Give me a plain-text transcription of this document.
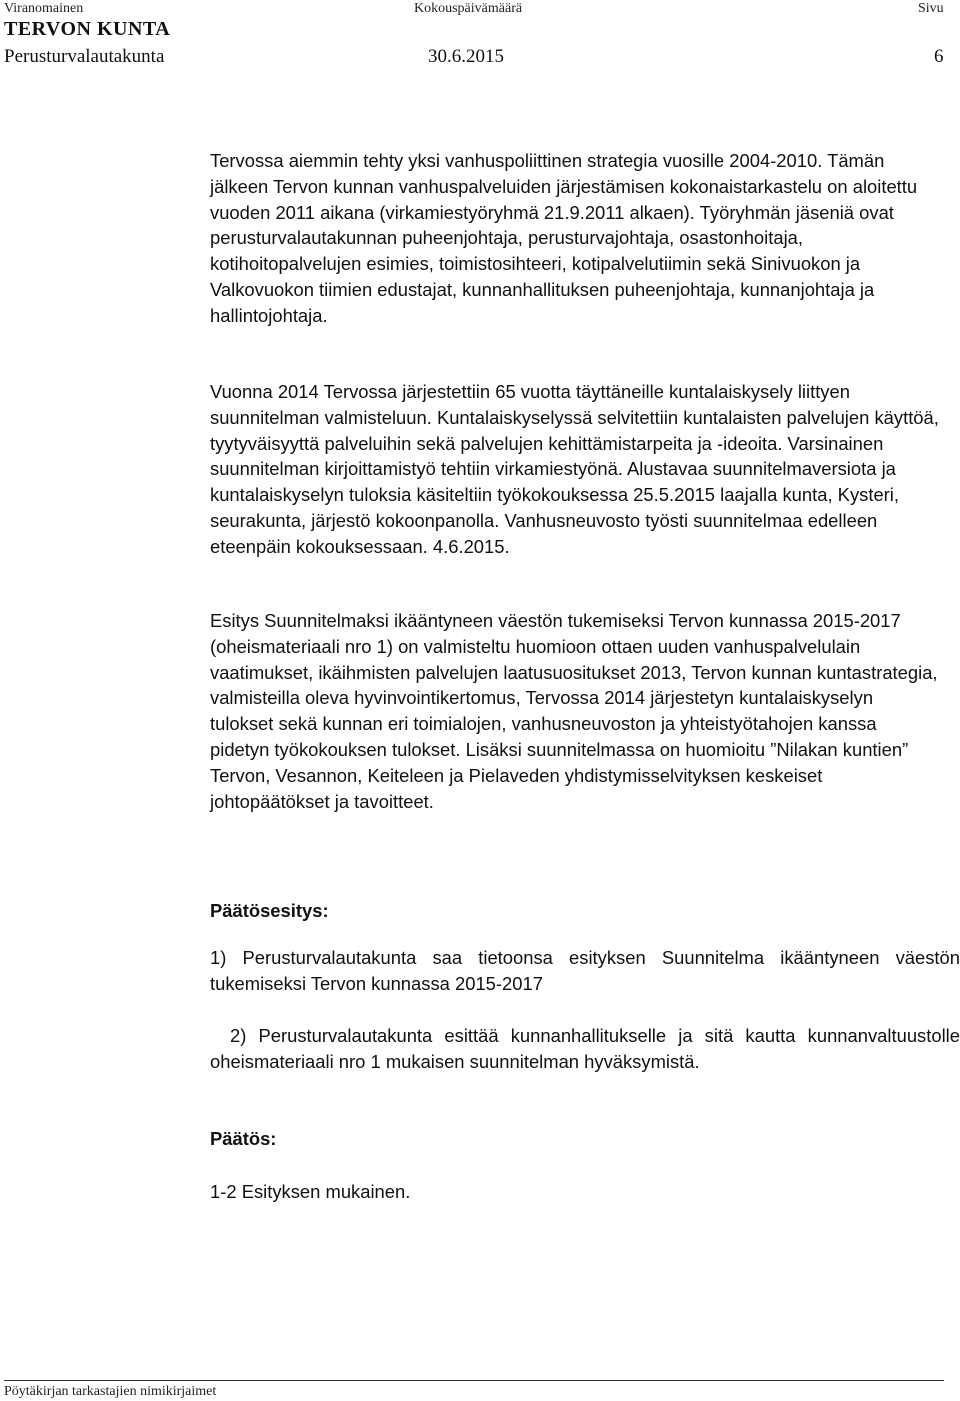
Viranomainen	Kokouspäivämäärä	Sivu
TERVON KUNTA
Perusturvalautakunta	30.6.2015	6

Tervossa aiemmin tehty yksi vanhuspoliittinen strategia vuosille 2004-2010. Tämän jälkeen Tervon kunnan vanhuspalveluiden järjestämisen kokonaistarkastelu on aloitettu vuoden 2011 aikana (virkamiestyöryhmä 21.9.2011 alkaen). Työryhmän jäseniä ovat perusturvalautakunnan puheenjohtaja, perusturvajohtaja, osastonhoitaja, kotihoitopalvelujen esimies, toimistosihteeri, kotipalvelutiimin sekä Sinivuokon ja Valkovuokon tiimien edustajat, kunnanhallituksen puheenjohtaja, kunnanjohtaja ja hallintojohtaja.

Vuonna 2014 Tervossa järjestettiin 65 vuotta täyttäneille kuntalaiskysely liittyen suunnitelman valmisteluun. Kuntalaiskyselyssä selvitettiin kuntalaisten palvelujen käyttöä, tyytyväisyyttä palveluihin sekä palvelujen kehittämistarpeita ja -ideoita. Varsinainen suunnitelman kirjoittamistyö tehtiin virkamiestyönä. Alustavaa suunnitelmaversiota ja kuntalaiskyselyn tuloksia käsiteltiin työkokouksessa 25.5.2015 laajalla kunta, Kysteri, seurakunta, järjestö kokoonpanolla. Vanhusneuvosto työsti suunnitelmaa edelleen eteenpäin kokouksessaan. 4.6.2015.

Esitys Suunnitelmaksi ikääntyneen väestön tukemiseksi Tervon kunnassa 2015-2017 (oheismateriaali nro 1) on valmisteltu huomioon ottaen uuden vanhuspalvelulain vaatimukset, ikäihmisten palvelujen laatusuositukset 2013, Tervon kunnan kuntastrategia, valmisteilla oleva hyvinvointikertomus, Tervossa 2014 järjestetyn kuntalaiskyselyn tulokset sekä kunnan eri toimialojen, vanhusneuvoston ja yhteistyötahojen kanssa pidetyn työkokouksen tulokset. Lisäksi suunnitelmassa on huomioitu ”Nilakan kuntien” Tervon, Vesannon, Keiteleen ja Pielaveden yhdistymisselvityksen keskeiset johtopäätökset ja tavoitteet.

Päätösesitys:

1) Perusturvalautakunta saa tietoonsa esityksen Suunnitelma ikääntyneen väestön tukemiseksi Tervon kunnassa 2015-2017

2) Perusturvalautakunta esittää kunnanhallitukselle ja sitä kautta kunnanvaltuustolle oheismateriaali nro 1 mukaisen suunnitelman hyväksymistä.

Päätös:

1-2 Esityksen mukainen.

Pöytäkirjan tarkastajien nimikirjaimet
